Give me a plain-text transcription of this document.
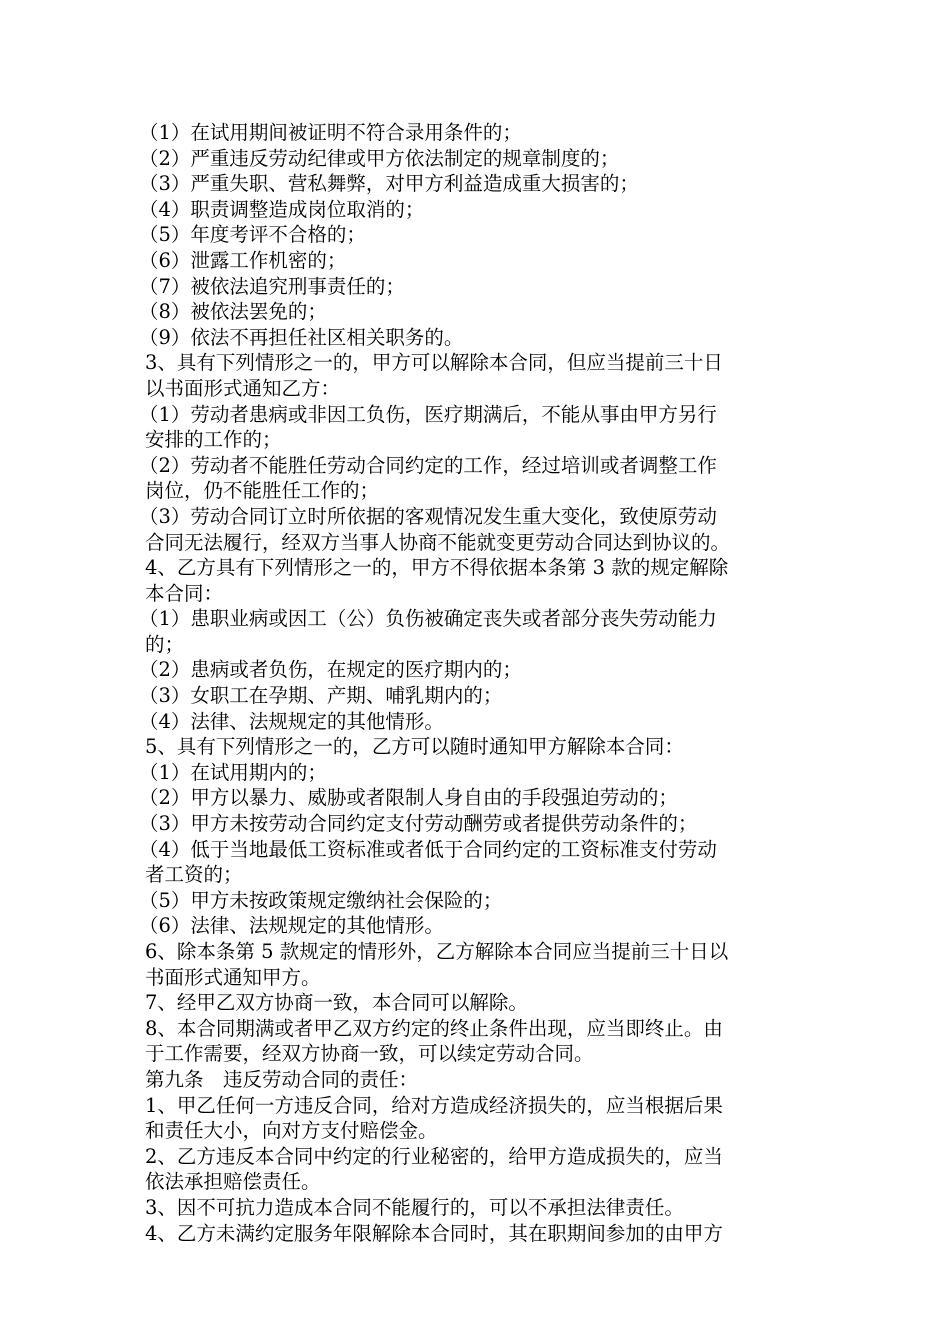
（1）在试用期间被证明不符合录用条件的；
（2）严重违反劳动纪律或甲方依法制定的规章制度的；
（3）严重失职、营私舞弊，对甲方利益造成重大损害的；
（4）职责调整造成岗位取消的；
（5）年度考评不合格的；
（6）泄露工作机密的；
（7）被依法追究刑事责任的；
（8）被依法罢免的；
（9）依法不再担任社区相关职务的。
3、具有下列情形之一的，甲方可以解除本合同，但应当提前三十日
以书面形式通知乙方：
（1）劳动者患病或非因工负伤，医疗期满后，不能从事由甲方另行
安排的工作的；
（2）劳动者不能胜任劳动合同约定的工作，经过培训或者调整工作
岗位，仍不能胜任工作的；
（3）劳动合同订立时所依据的客观情况发生重大变化，致使原劳动
合同无法履行，经双方当事人协商不能就变更劳动合同达到协议的。
4、乙方具有下列情形之一的，甲方不得依据本条第 3 款的规定解除
本合同：
（1）患职业病或因工（公）负伤被确定丧失或者部分丧失劳动能力
的；
（2）患病或者负伤，在规定的医疗期内的；
（3）女职工在孕期、产期、哺乳期内的；
（4）法律、法规规定的其他情形。
5、具有下列情形之一的，乙方可以随时通知甲方解除本合同：
（1）在试用期内的；
（2）甲方以暴力、威胁或者限制人身自由的手段强迫劳动的；
（3）甲方未按劳动合同约定支付劳动酬劳或者提供劳动条件的；
（4）低于当地最低工资标准或者低于合同约定的工资标准支付劳动
者工资的；
（5）甲方未按政策规定缴纳社会保险的；
（6）法律、法规规定的其他情形。
6、除本条第 5 款规定的情形外，乙方解除本合同应当提前三十日以
书面形式通知甲方。
7、经甲乙双方协商一致，本合同可以解除。
8、本合同期满或者甲乙双方约定的终止条件出现，应当即终止。由
于工作需要，经双方协商一致，可以续定劳动合同。
第九条　违反劳动合同的责任：
1、甲乙任何一方违反合同，给对方造成经济损失的，应当根据后果
和责任大小，向对方支付赔偿金。
2、乙方违反本合同中约定的行业秘密的，给甲方造成损失的，应当
依法承担赔偿责任。
3、因不可抗力造成本合同不能履行的，可以不承担法律责任。
4、乙方未满约定服务年限解除本合同时，其在职期间参加的由甲方
